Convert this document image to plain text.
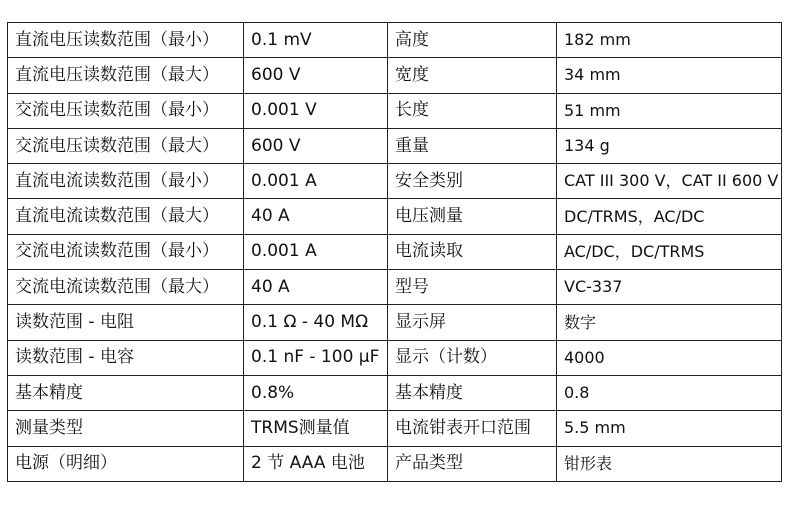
直流电压读数范围（最小）	0.1 mV	高度	182 mm
直流电压读数范围（最大）	600 V	宽度	34 mm
交流电压读数范围（最小）	0.001 V	长度	51 mm
交流电压读数范围（最大）	600 V	重量	134 g
直流电流读数范围（最小）	0.001 A	安全类别	CAT III 300 V，CAT II 600 V
直流电流读数范围（最大）	40 A	电压测量	DC/TRMS，AC/DC
交流电流读数范围（最小）	0.001 A	电流读取	AC/DC，DC/TRMS
交流电流读数范围（最大）	40 A	型号	VC-337
读数范围 - 电阻	0.1 Ω - 40 MΩ	显示屏	数字
读数范围 - 电容	0.1 nF - 100 µF	显示（计数）	4000
基本精度	0.8%	基本精度	0.8
测量类型	TRMS测量值	电流钳表开口范围	5.5 mm
电源（明细）	2 节 AAA 电池	产品类型	钳形表
